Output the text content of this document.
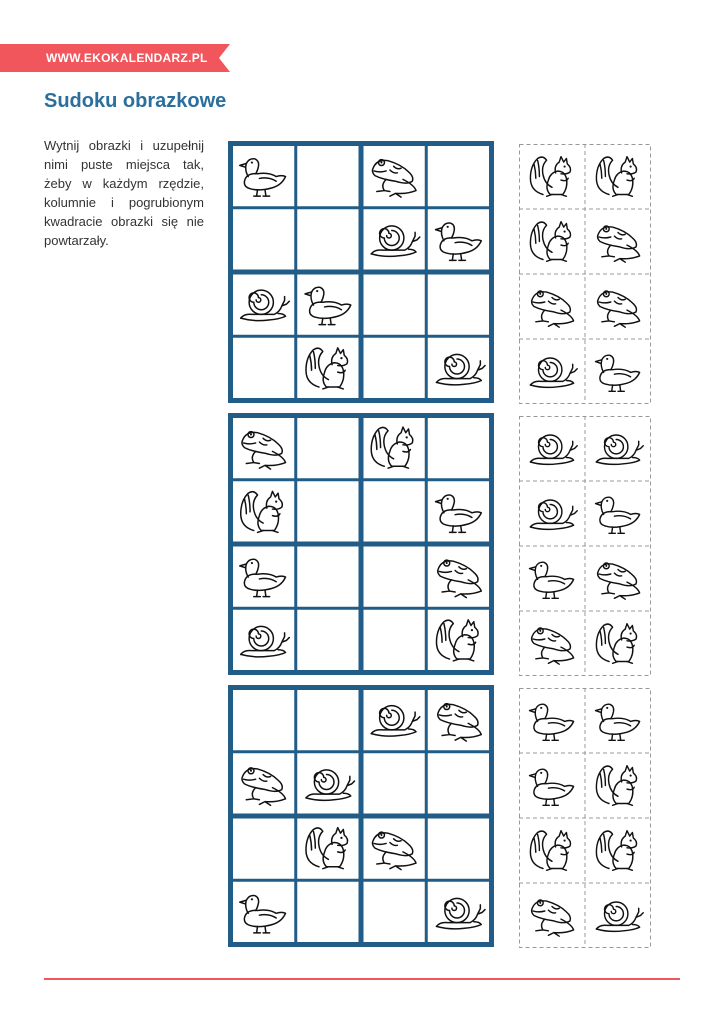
WWW.EKOKALENDARZ.PL
Sudoku obrazkowe

Wytnij obrazki i uzupełnij nimi puste miejsca tak, żeby w każdym rzędzie, kolumnie i pogrubionym kwadracie obrazki się nie powtarzały.
